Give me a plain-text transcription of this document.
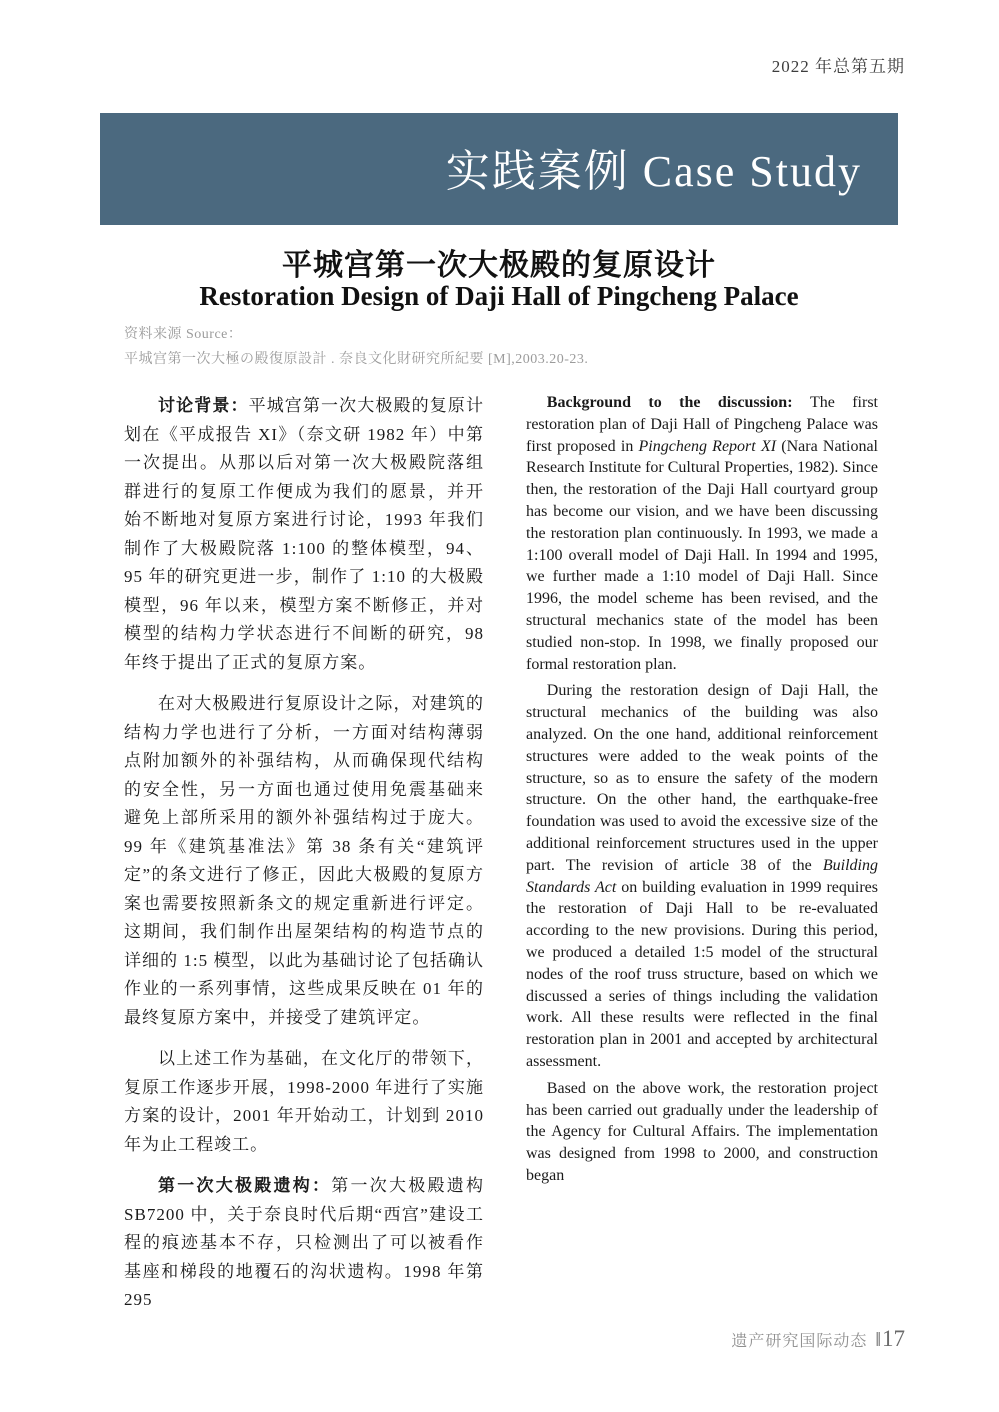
2022 年总第五期
实践案例 Case Study
平城宫第一次大极殿的复原设计
Restoration Design of Daji Hall of Pingcheng Palace
资料来源 Source：
平城宫第一次大極の殿復原設計 . 奈良文化財研究所紀要 [M],2003.20-23.

讨论背景：平城宫第一次大极殿的复原计划在《平成报告 XI》（奈文研 1982 年）中第一次提出。从那以后对第一次大极殿院落组群进行的复原工作便成为我们的愿景，并开始不断地对复原方案进行讨论，1993 年我们制作了大极殿院落 1:100 的整体模型，94、95 年的研究更进一步，制作了 1:10 的大极殿模型，96 年以来，模型方案不断修正，并对模型的结构力学状态进行不间断的研究，98 年终于提出了正式的复原方案。

在对大极殿进行复原设计之际，对建筑的结构力学也进行了分析，一方面对结构薄弱点附加额外的补强结构，从而确保现代结构的安全性，另一方面也通过使用免震基础来避免上部所采用的额外补强结构过于庞大。99 年《建筑基准法》第 38 条有关“建筑评定”的条文进行了修正，因此大极殿的复原方案也需要按照新条文的规定重新进行评定。这期间，我们制作出屋架结构的构造节点的详细的 1:5 模型，以此为基础讨论了包括确认作业的一系列事情，这些成果反映在 01 年的最终复原方案中，并接受了建筑评定。

以上述工作为基础，在文化厅的带领下，复原工作逐步开展，1998-2000 年进行了实施方案的设计，2001 年开始动工，计划到 2010 年为止工程竣工。

第一次大极殿遗构：第一次大极殿遗构 SB7200 中，关于奈良时代后期“西宫”建设工程的痕迹基本不存，只检测出了可以被看作基座和梯段的地覆石的沟状遗构。1998 年第 295

Background to the discussion: The first restoration plan of Daji Hall of Pingcheng Palace was first proposed in Pingcheng Report XI (Nara National Research Institute for Cultural Properties, 1982). Since then, the restoration of the Daji Hall courtyard group has become our vision, and we have been discussing the restoration plan continuously. In 1993, we made a 1:100 overall model of Daji Hall. In 1994 and 1995, we further made a 1:10 model of Daji Hall. Since 1996, the model scheme has been revised, and the structural mechanics state of the model has been studied non-stop. In 1998, we finally proposed our formal restoration plan.

During the restoration design of Daji Hall, the structural mechanics of the building was also analyzed. On the one hand, additional reinforcement structures were added to the weak points of the structure, so as to ensure the safety of the modern structure. On the other hand, the earthquake-free foundation was used to avoid the excessive size of the additional reinforcement structures used in the upper part. The revision of article 38 of the Building Standards Act on building evaluation in 1999 requires the restoration of Daji Hall to be re-evaluated according to the new provisions. During this period, we produced a detailed 1:5 model of the structural nodes of the roof truss structure, based on which we discussed a series of things including the validation work. All these results were reflected in the final restoration plan in 2001 and accepted by architectural assessment.

Based on the above work, the restoration project has been carried out gradually under the leadership of the Agency for Cultural Affairs. The implementation was designed from 1998 to 2000, and construction began

遗产研究国际动态 ‖ 17
